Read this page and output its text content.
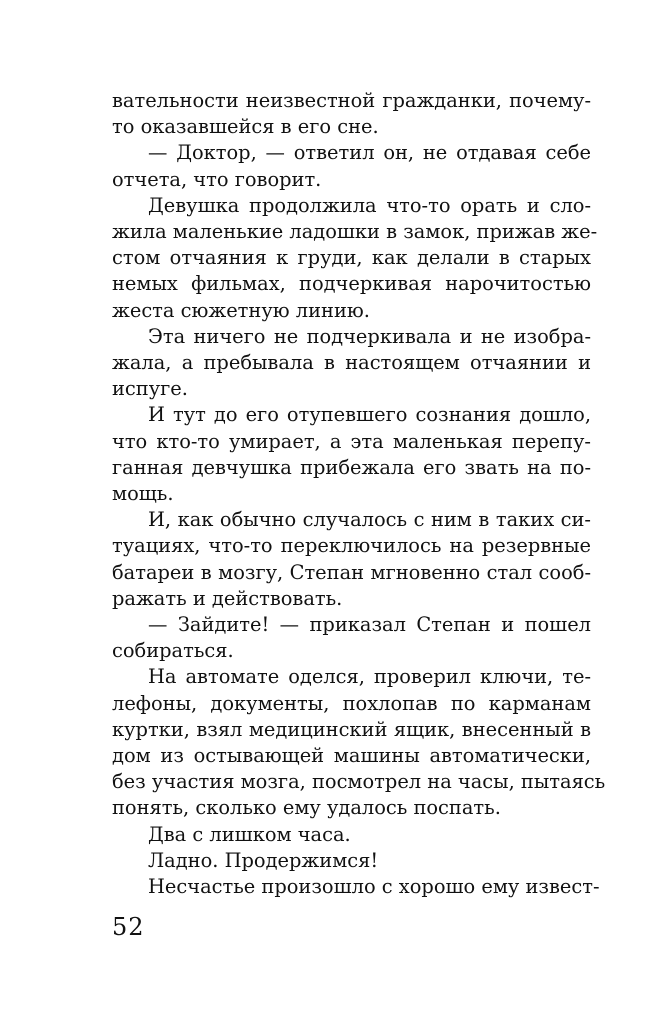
вательности неизвестной гражданки, почему-
то оказавшейся в его сне.
— Доктор, — ответил он, не отдавая себе
отчета, что говорит.
Девушка продолжила что-то орать и сло-
жила маленькие ладошки в замок, прижав же-
стом отчаяния к груди, как делали в старых
немых фильмах, подчеркивая нарочитостью
жеста сюжетную линию.
Эта ничего не подчеркивала и не изобра-
жала, а пребывала в настоящем отчаянии и
испуге.
И тут до его отупевшего сознания дошло,
что кто-то умирает, а эта маленькая перепу-
ганная девчушка прибежала его звать на по-
мощь.
И, как обычно случалось с ним в таких си-
туациях, что-то переключилось на резервные
батареи в мозгу, Степан мгновенно стал сооб-
ражать и действовать.
— Зайдите! — приказал Степан и пошел
собираться.
На автомате оделся, проверил ключи, те-
лефоны, документы, похлопав по карманам
куртки, взял медицинский ящик, внесенный в
дом из остывающей машины автоматически,
без участия мозга, посмотрел на часы, пытаясь
понять, сколько ему удалось поспать.
Два с лишком часа.
Ладно. Продержимся!
Несчастье произошло с хорошо ему извест-
52
